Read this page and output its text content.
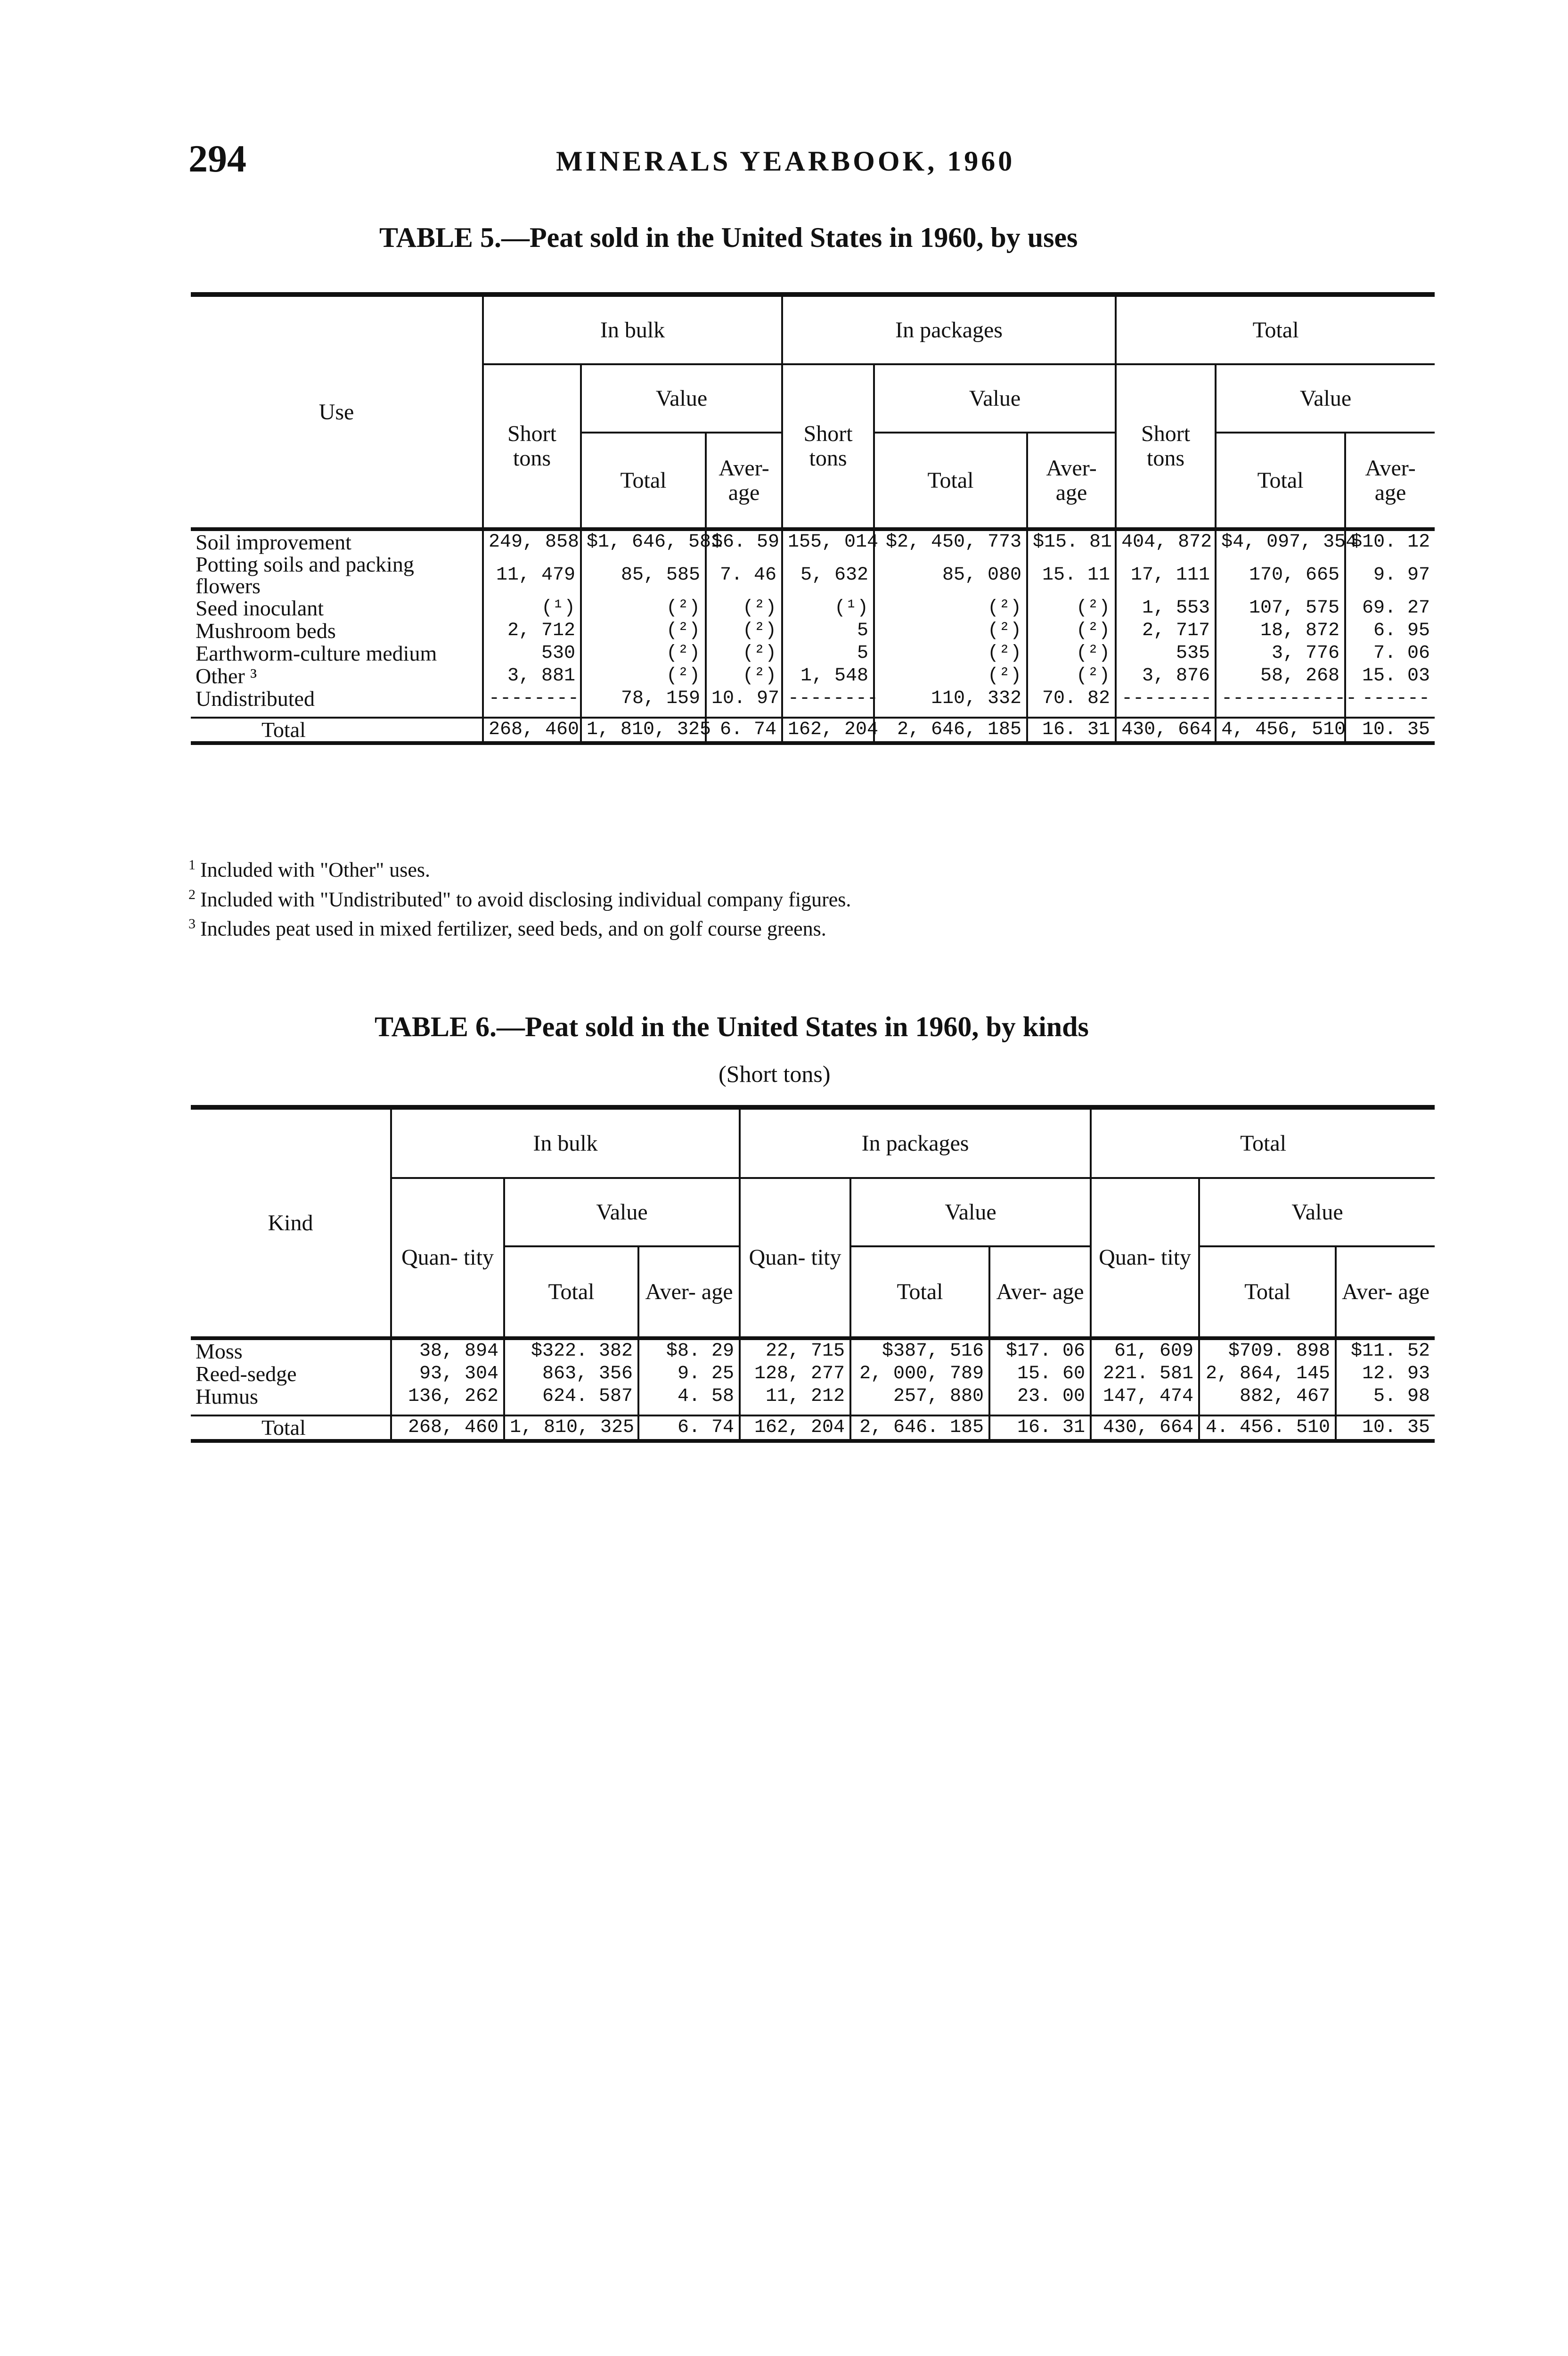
294	MINERALS YEARBOOK, 1960
TABLE 5.—Peat sold in the United States in 1960, by uses
Use	In bulk			In packages			Total		
	Short tons	Value		Short tons	Value		Short tons	Value	
		Total	Aver- age		Total	Aver- age		Total	Aver- age
Soil improvement	249, 858	$1, 646, 581	$6. 59	155, 014	$2, 450, 773	$15. 81	404, 872	$4, 097, 354	$10. 12
Potting soils and packing flowers	11, 479	85, 585	7. 46	5, 632	85, 080	15. 11	17, 111	170, 665	9. 97
Seed inoculant	(¹)	(²)	(²)	(¹)	(²)	(²)	1, 553	107, 575	69. 27
Mushroom beds	2, 712	(²)	(²)	5	(²)	(²)	2, 717	18, 872	6. 95
Earthworm-culture medium	530	(²)	(²)	5	(²)	(²)	535	3, 776	7. 06
Other ³	3, 881	(²)	(²)	1, 548	(²)	(²)	3, 876	58, 268	15. 03
Undistributed	--------	78, 159	10. 97	--------	110, 332	70. 82	--------	------------	------

Total	268, 460	1, 810, 325	6. 74	162, 204	2, 646, 185	16. 31	430, 664	4, 456, 510	10. 35

$^1$ Included with "Other" uses.

$^2$ Included with "Undistributed" to avoid disclosing individual company figures.

$^3$ Includes peat used in mixed fertilizer, seed beds, and on golf course greens.

TABLE 6.—Peat sold in the United States in 1960, by kinds
(Short tons)
Kind	In bulk			In packages			Total		
	Quan- tity	Value		Quan- tity	Value		Quan- tity	Value	
		Total	Aver- age		Total	Aver- age		Total	Aver- age
Moss	38, 894	$322. 382	$8. 29	22, 715	$387, 516	$17. 06	61, 609	$709. 898	$11. 52
Reed-sedge	93, 304	863, 356	9. 25	128, 277	2, 000, 789	15. 60	221. 581	2, 864, 145	12. 93
Humus	136, 262	624. 587	4. 58	11, 212	257, 880	23. 00	147, 474	882, 467	5. 98

Total	268, 460	1, 810, 325	6. 74	162, 204	2, 646. 185	16. 31	430, 664	4. 456. 510	10. 35
